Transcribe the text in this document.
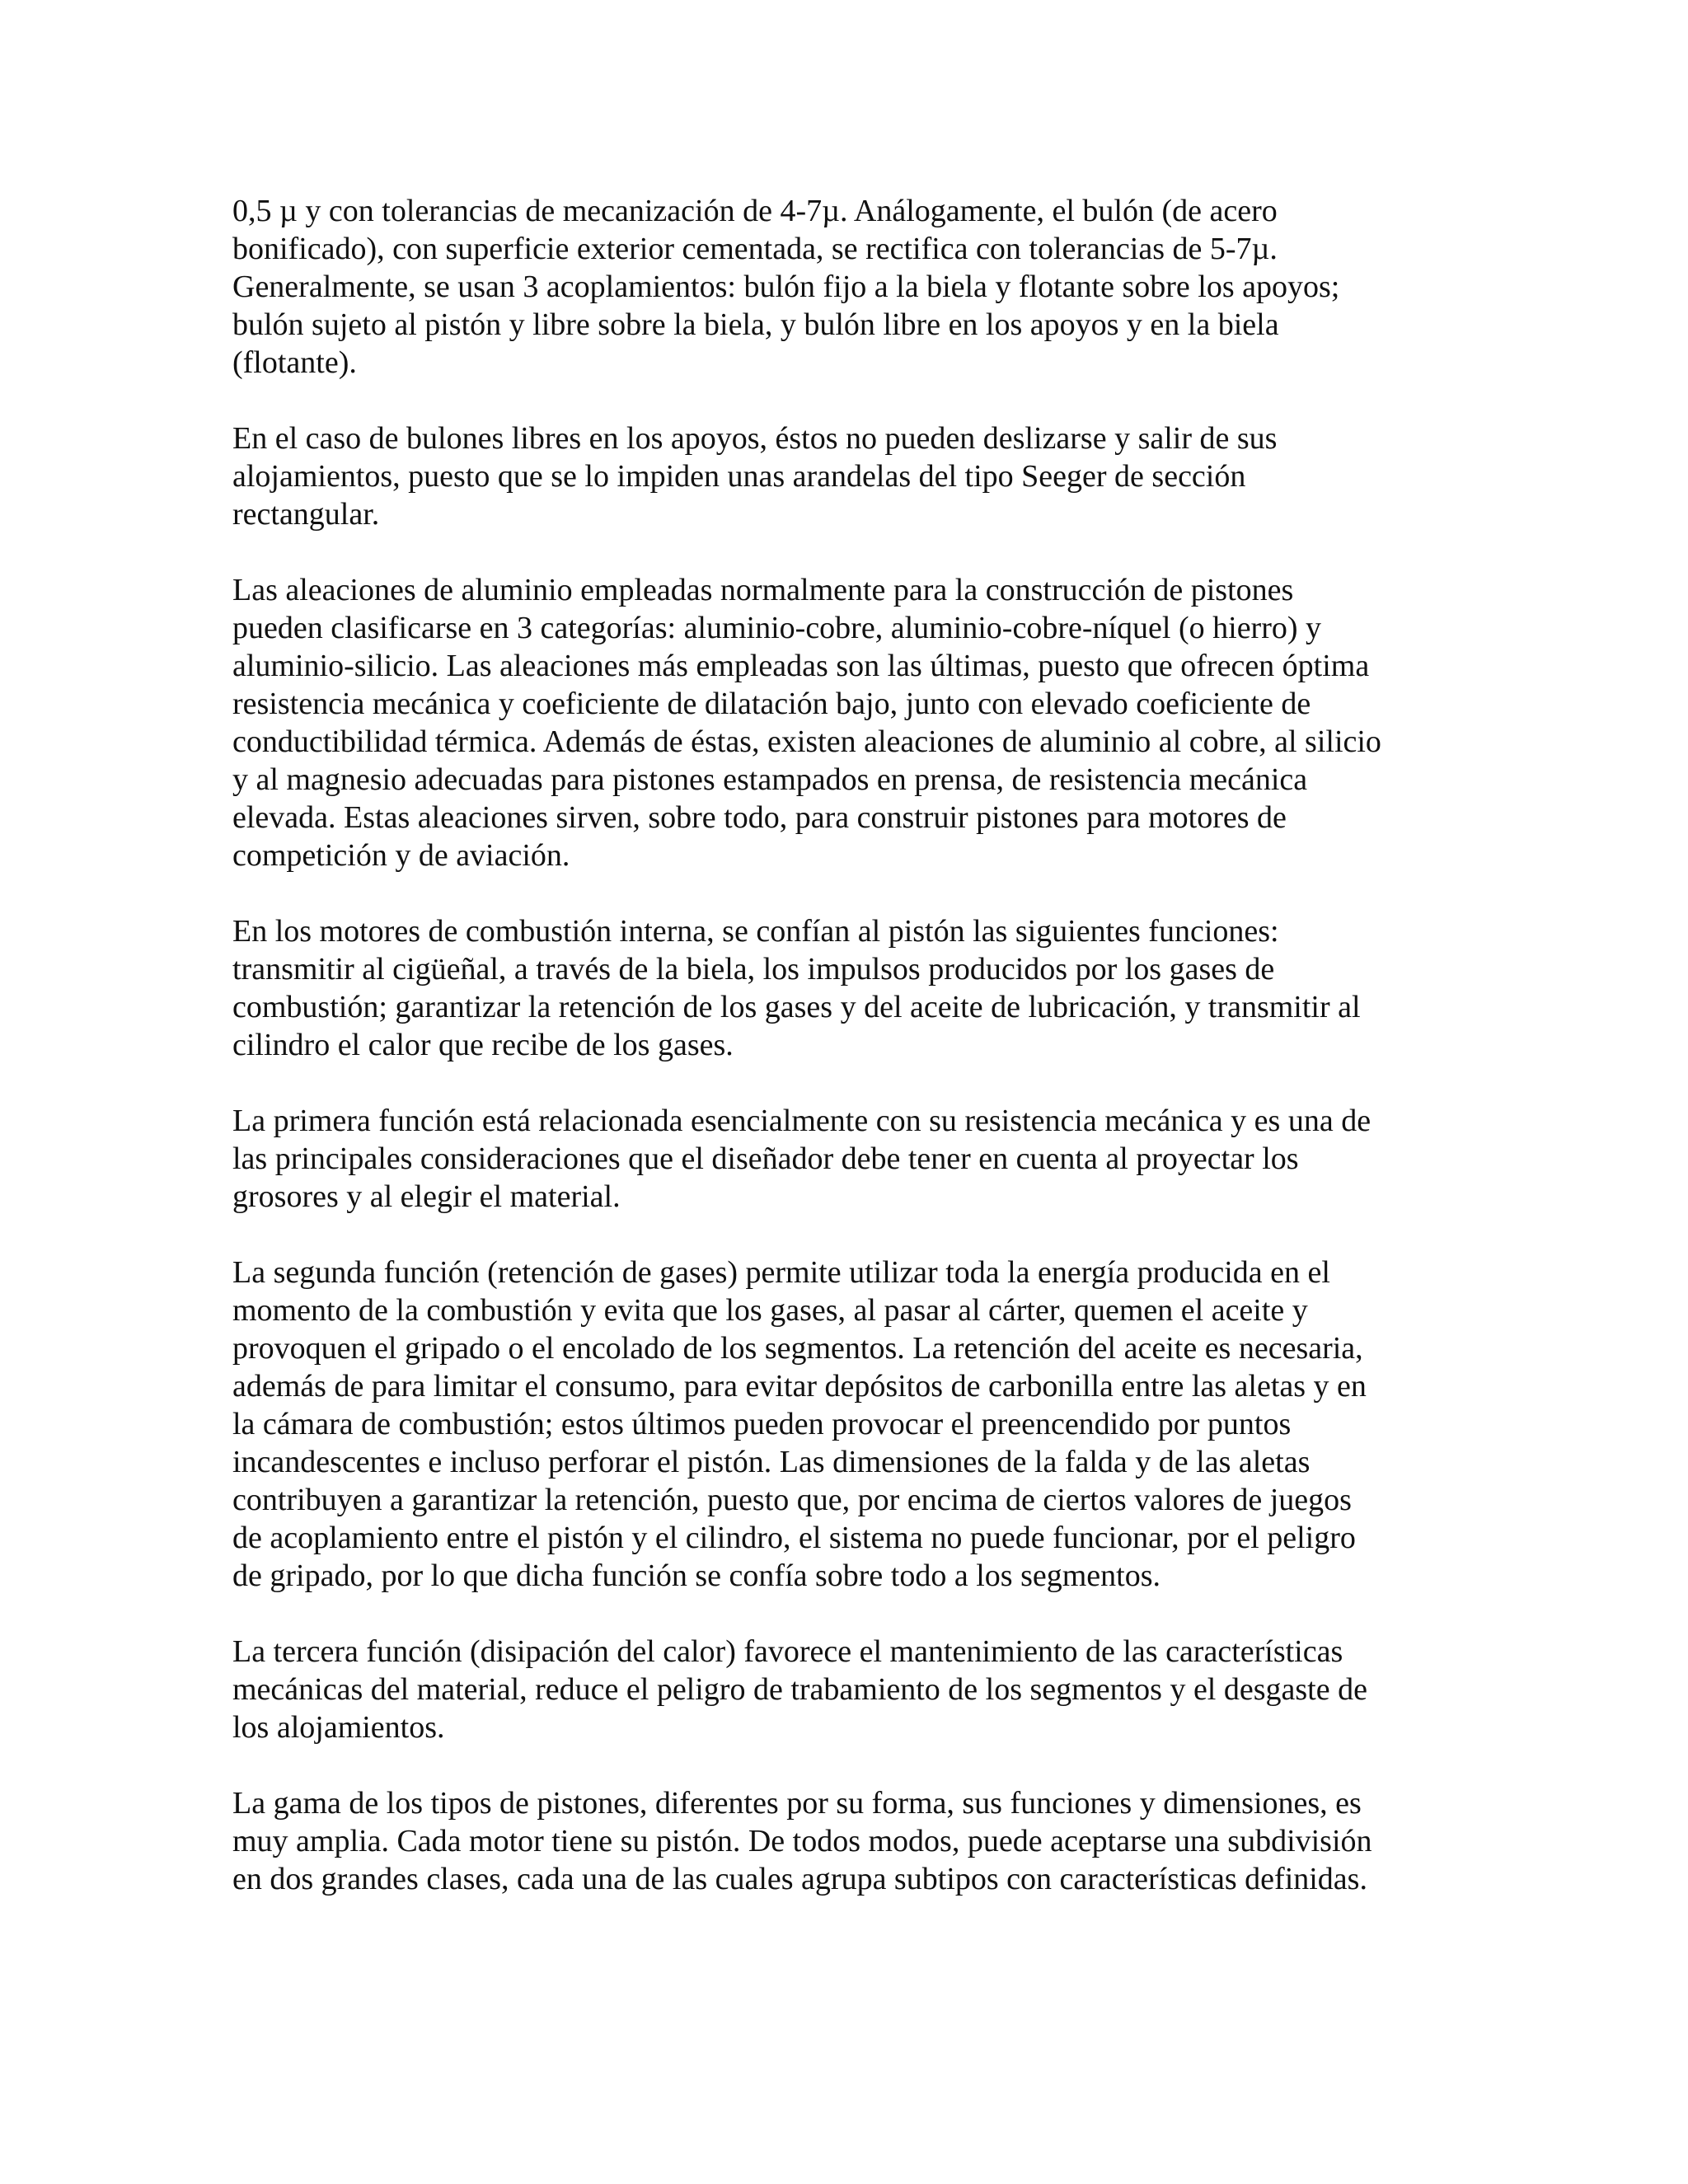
0,5 µ y con tolerancias de mecanización de 4-7µ. Análogamente, el bulón (de acero
bonificado), con superficie exterior cementada, se rectifica con tolerancias de 5-7µ.
Generalmente, se usan 3 acoplamientos: bulón fijo a la biela y flotante sobre los apoyos;
bulón sujeto al pistón y libre sobre la biela, y bulón libre en los apoyos y en la biela
(flotante).

En el caso de bulones libres en los apoyos, éstos no pueden deslizarse y salir de sus
alojamientos, puesto que se lo impiden unas arandelas del tipo Seeger de sección
rectangular.

Las aleaciones de aluminio empleadas normalmente para la construcción de pistones
pueden clasificarse en 3 categorías: aluminio-cobre, aluminio-cobre-níquel (o hierro) y
aluminio-silicio. Las aleaciones más empleadas son las últimas, puesto que ofrecen óptima
resistencia mecánica y coeficiente de dilatación bajo, junto con elevado coeficiente de
conductibilidad térmica. Además de éstas, existen aleaciones de aluminio al cobre, al silicio
y al magnesio adecuadas para pistones estampados en prensa, de resistencia mecánica
elevada. Estas aleaciones sirven, sobre todo, para construir pistones para motores de
competición y de aviación.

En los motores de combustión interna, se confían al pistón las siguientes funciones:
transmitir al cigüeñal, a través de la biela, los impulsos producidos por los gases de
combustión; garantizar la retención de los gases y del aceite de lubricación, y transmitir al
cilindro el calor que recibe de los gases.

La primera función está relacionada esencialmente con su resistencia mecánica y es una de
las principales consideraciones que el diseñador debe tener en cuenta al proyectar los
grosores y al elegir el material.

La segunda función (retención de gases) permite utilizar toda la energía producida en el
momento de la combustión y evita que los gases, al pasar al cárter, quemen el aceite y
provoquen el gripado o el encolado de los segmentos. La retención del aceite es necesaria,
además de para limitar el consumo, para evitar depósitos de carbonilla entre las aletas y en
la cámara de combustión; estos últimos pueden provocar el preencendido por puntos
incandescentes e incluso perforar el pistón. Las dimensiones de la falda y de las aletas
contribuyen a garantizar la retención, puesto que, por encima de ciertos valores de juegos
de acoplamiento entre el pistón y el cilindro, el sistema no puede funcionar, por el peligro
de gripado, por lo que dicha función se confía sobre todo a los segmentos.

La tercera función (disipación del calor) favorece el mantenimiento de las características
mecánicas del material, reduce el peligro de trabamiento de los segmentos y el desgaste de
los alojamientos.

La gama de los tipos de pistones, diferentes por su forma, sus funciones y dimensiones, es
muy amplia. Cada motor tiene su pistón. De todos modos, puede aceptarse una subdivisión
en dos grandes clases, cada una de las cuales agrupa subtipos con características definidas.
